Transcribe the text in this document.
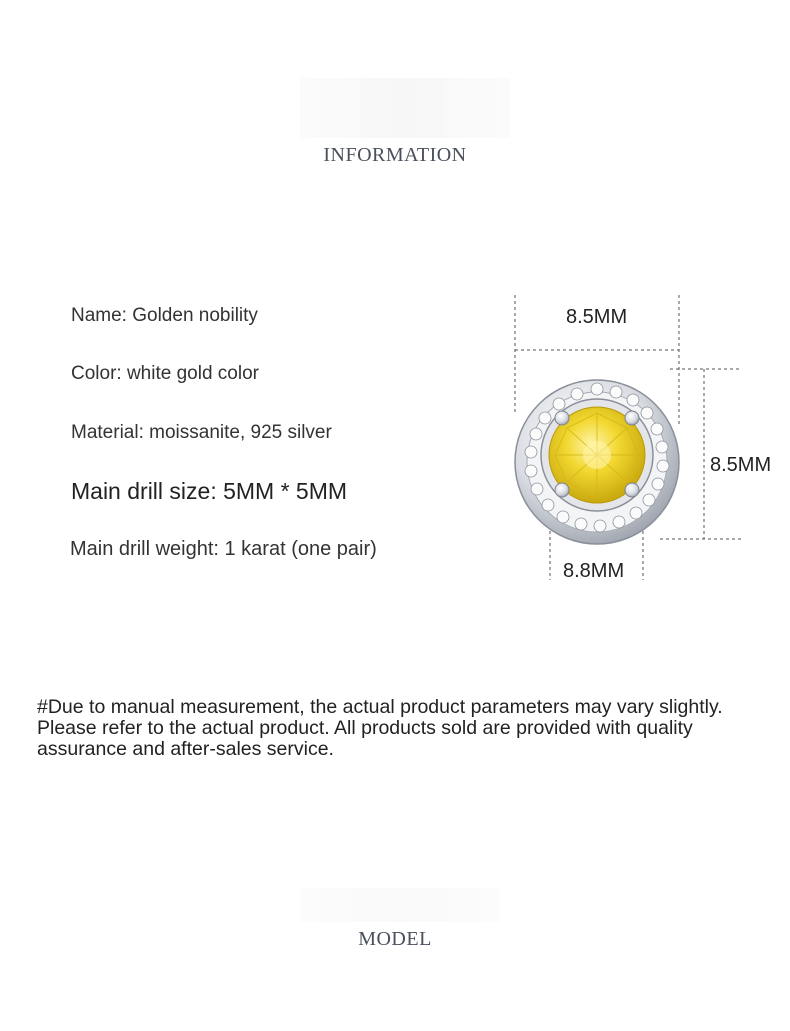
INFORMATION
Name: Golden nobility
Color: white gold color
Material: moissanite, 925 silver
Main drill size: 5MM * 5MM
Main drill weight: 1 karat (one pair)
8.5MM
8.5MM
8.8MM
#Due to manual measurement, the actual product parameters may vary slightly. Please refer to the actual product. All products sold are provided with quality assurance and after-sales service.
MODEL
